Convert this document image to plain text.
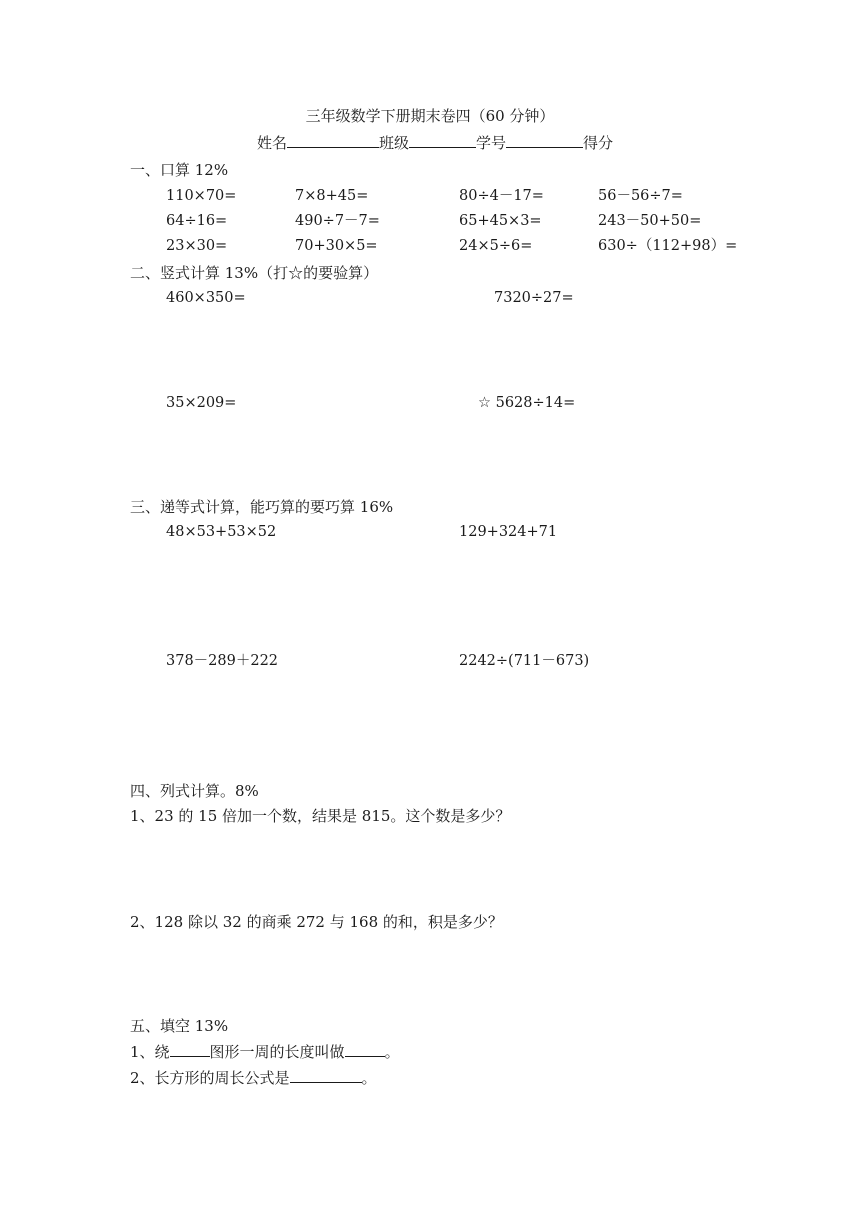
三年级数学下册期末卷四（60 分钟）
姓名	班级	学号	得分
一、口算 12%
110×70=	7×8+45=	80÷4－17=	56－56÷7=
64÷16=	490÷7－7=	65+45×3=	243－50+50=
23×30=	70+30×5=	24×5÷6=	630÷（112+98）=
二、竖式计算 13%（打☆的要验算）
460×350=	7320÷27=
35×209=	☆ 5628÷14=
三、递等式计算，能巧算的要巧算 16%
48×53+53×52	129+324+71
378－289＋222	2242÷(711－673)
四、列式计算。8%
1、23 的 15 倍加一个数，结果是 815。这个数是多少？
2、128 除以 32 的商乘 272 与 168 的和，积是多少？
五、填空 13%
1、绕	图形一周的长度叫做	。
2、长方形的周长公式是	。
